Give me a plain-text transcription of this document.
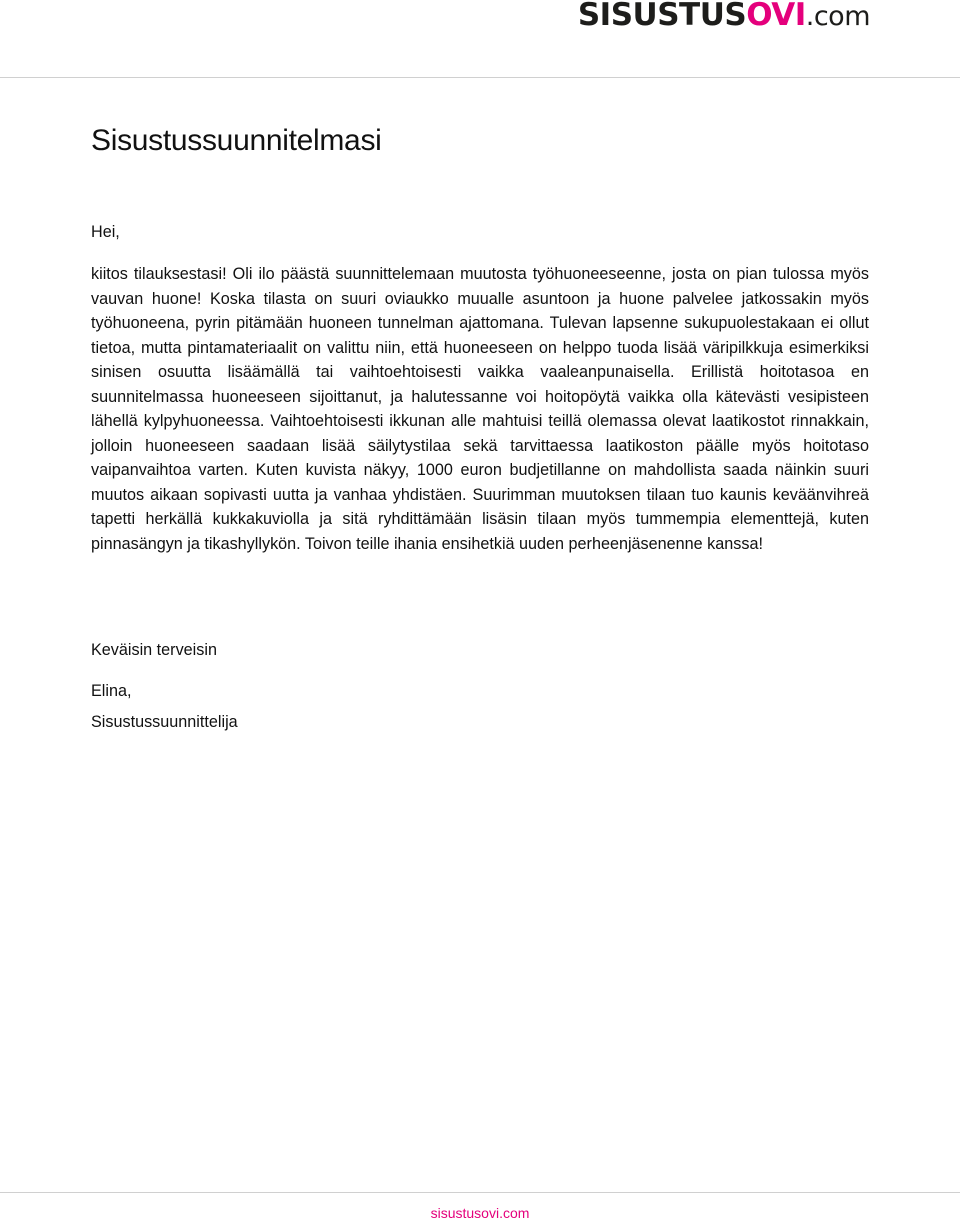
SISUSTUSOVI.com
Sisustussuunnitelmasi

Hei,

kiitos tilauksestasi! Oli ilo päästä suunnittelemaan muutosta työhuoneeseenne, josta on pian tulossa myös vauvan huone! Koska tilasta on suuri oviaukko muualle asuntoon ja huone palvelee jatkossakin myös työhuoneena, pyrin pitämään huoneen tunnelman ajattomana. Tulevan lapsenne sukupuolestakaan ei ollut tietoa, mutta pintamateriaalit on valittu niin, että huoneeseen on helppo tuoda lisää väripilkkuja esimerkiksi sinisen osuutta lisäämällä tai vaihtoehtoisesti vaikka vaaleanpunaisella. Erillistä hoitotasoa en suunnitelmassa huoneeseen sijoittanut, ja halutessanne voi hoitopöytä vaikka olla kätevästi vesipisteen lähellä kylpyhuoneessa. Vaihtoehtoisesti ikkunan alle mahtuisi teillä olemassa olevat laatikostot rinnakkain, jolloin huoneeseen saadaan lisää säilytystilaa sekä tarvittaessa laatikoston päälle myös hoitotaso vaipanvaihtoa varten. Kuten kuvista näkyy, 1000 euron budjetillanne on mahdollista saada näinkin suuri muutos aikaan sopivasti uutta ja vanhaa yhdistäen. Suurimman muutoksen tilaan tuo kaunis keväänvihreä tapetti herkällä kukkakuviolla ja sitä ryhdittämään lisäsin tilaan myös tummempia elementtejä, kuten pinnasängyn ja tikashyllykön. Toivon teille ihania ensihetkiä uuden perheenjäsenenne kanssa!

Keväisin terveisin

Elina,

Sisustussuunnittelija

sisustusovi.com
